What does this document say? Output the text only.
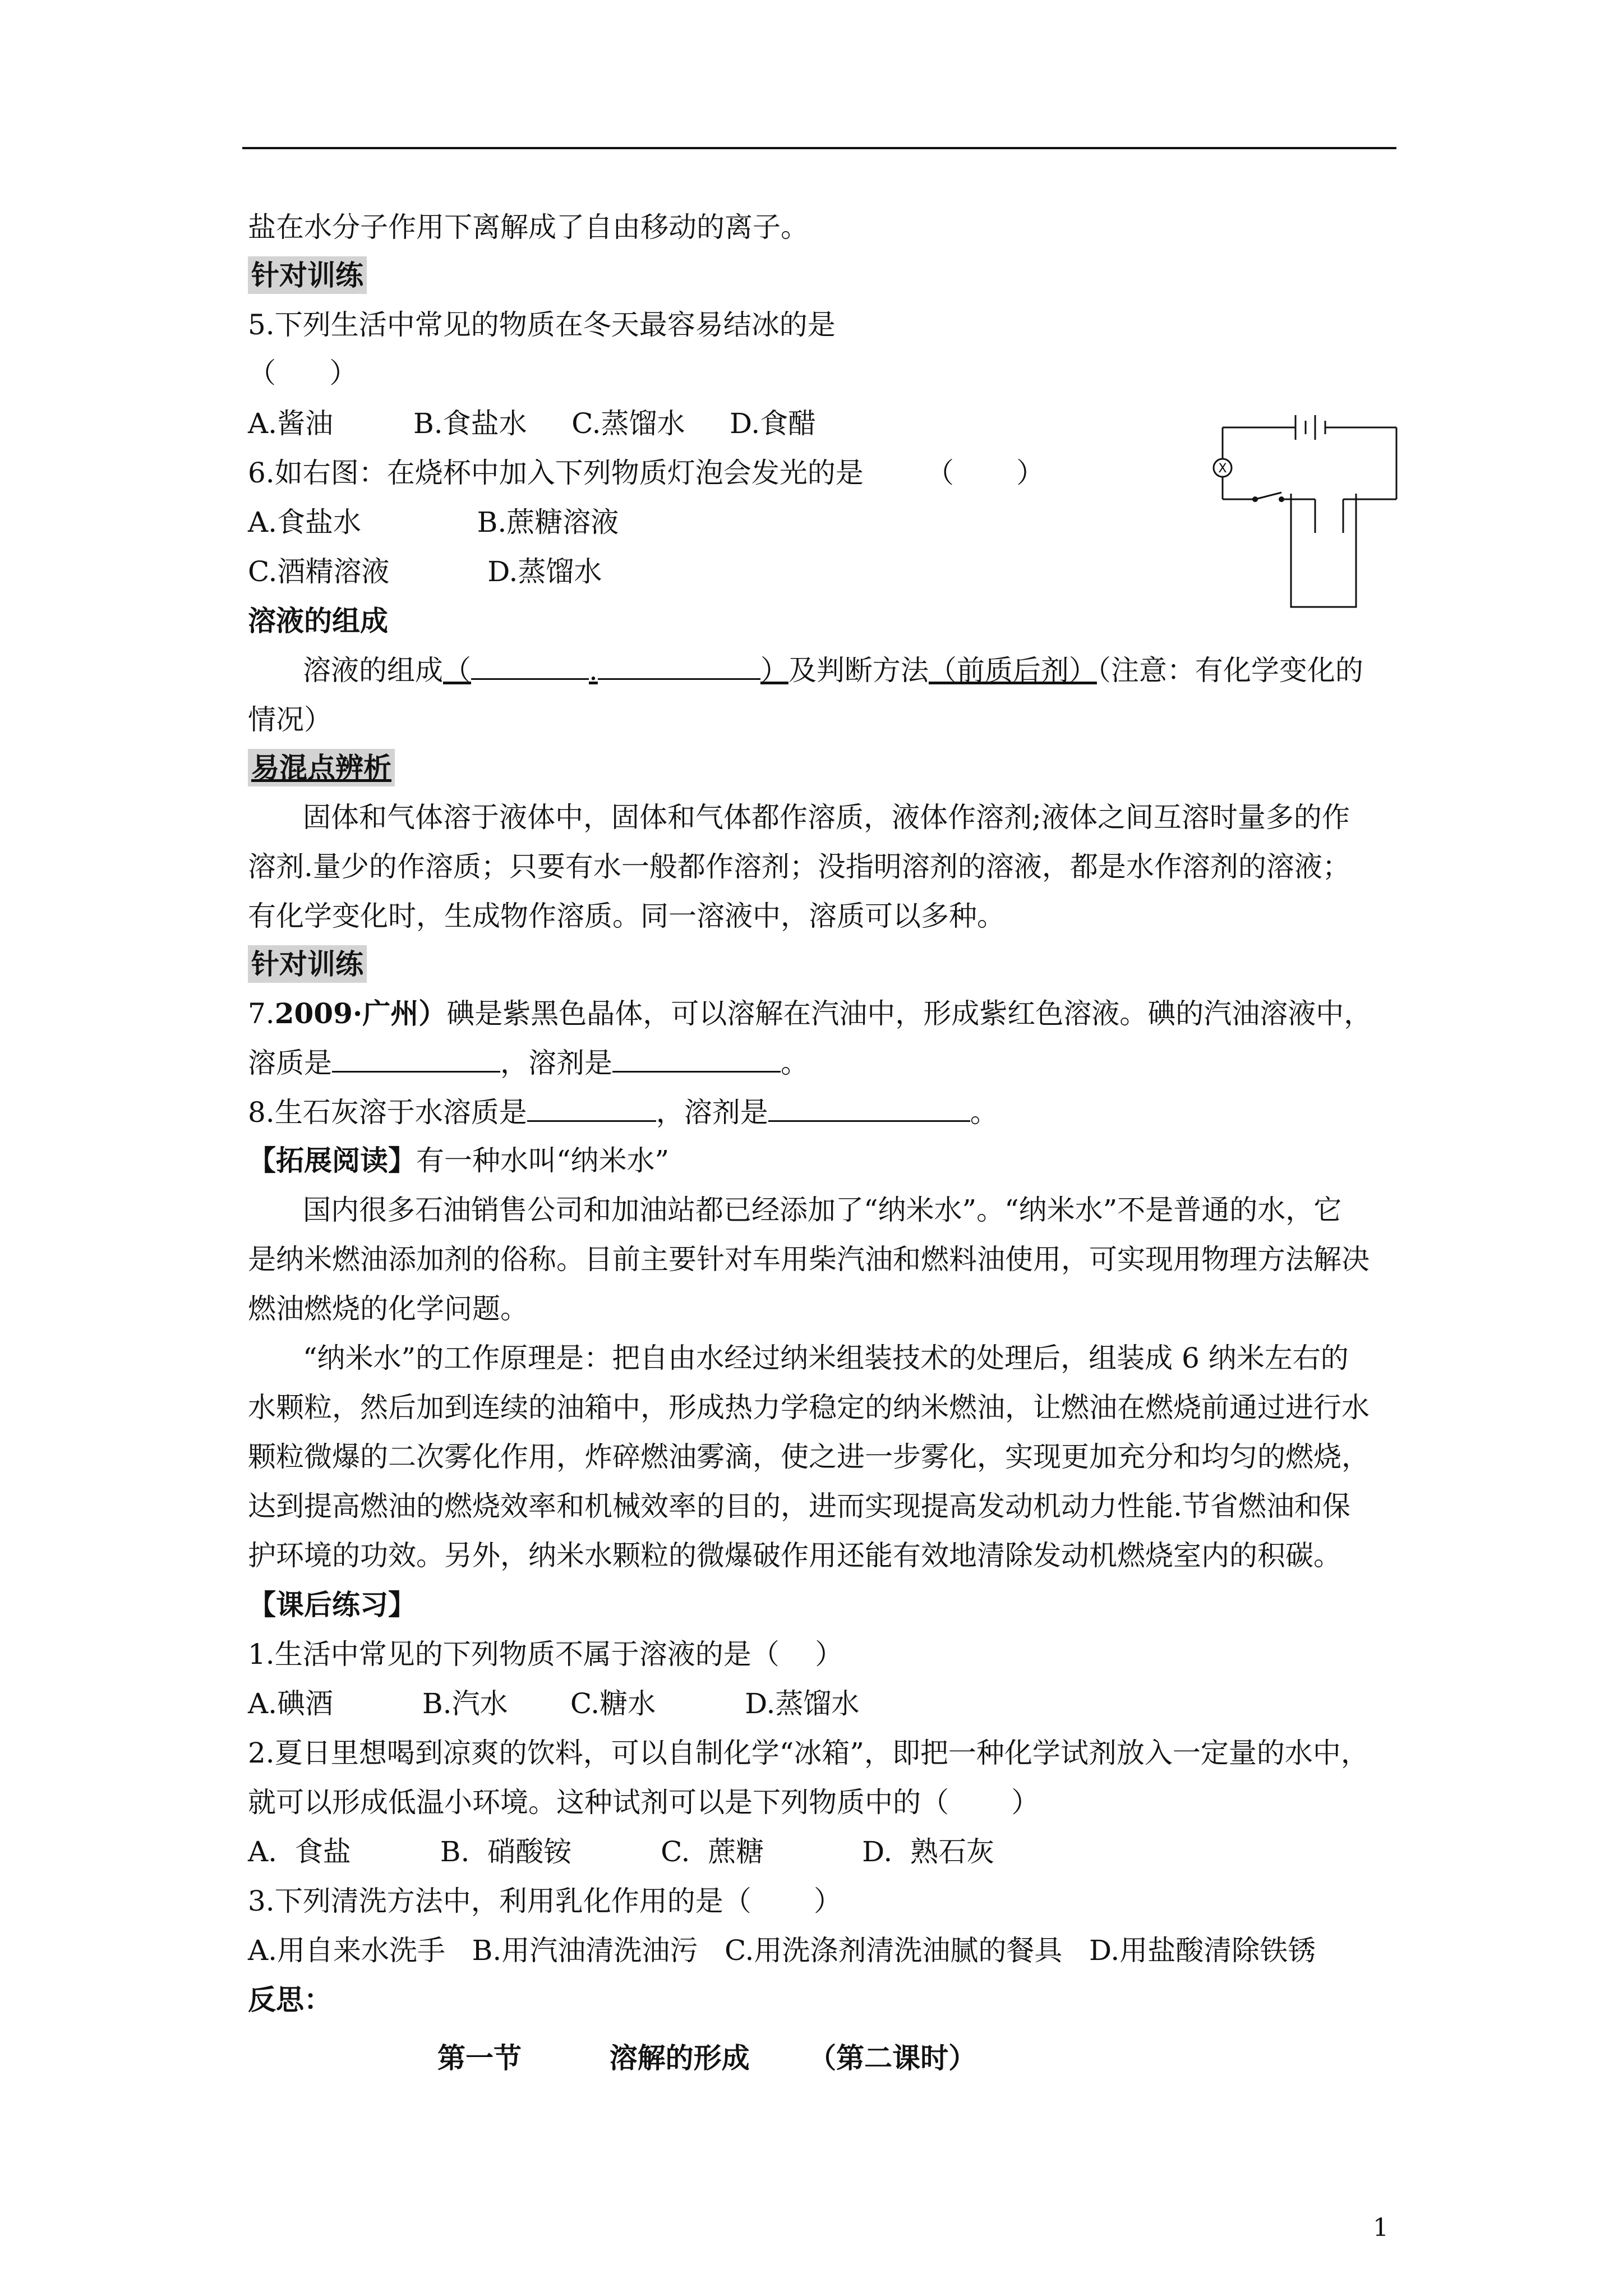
盐在水分子作用下离解成了自由移动的离子。
针对训练
5.下列生活中常见的物质在冬天最容易结冰的是
（      ）
A.酱油         B.食盐水     C.蒸馏水     D.食醋
6.如右图：在烧杯中加入下列物质灯泡会发光的是       （       ）
A.食盐水             B.蔗糖溶液
C.酒精溶液           D.蒸馏水
X
溶液的组成
溶液的组成（	.	）及判断方法（前质后剂）（注意：有化学变化的
情况）
易混点辨析
固体和气体溶于液体中，固体和气体都作溶质，液体作溶剂;液体之间互溶时量多的作
溶剂.量少的作溶质；只要有水一般都作溶剂；没指明溶剂的溶液，都是水作溶剂的溶液；
有化学变化时，生成物作溶质。同一溶液中，溶质可以多种。
针对训练
7.2009·广州）碘是紫黑色晶体，可以溶解在汽油中，形成紫红色溶液。碘的汽油溶液中，
溶质是	，溶剂是	。
8.生石灰溶于水溶质是	，溶剂是	。
【拓展阅读】有一种水叫“纳米水”
国内很多石油销售公司和加油站都已经添加了“纳米水”。“纳米水”不是普通的水，它
是纳米燃油添加剂的俗称。目前主要针对车用柴汽油和燃料油使用，可实现用物理方法解决
燃油燃烧的化学问题。
“纳米水”的工作原理是：把自由水经过纳米组装技术的处理后，组装成 6 纳米左右的
水颗粒，然后加到连续的油箱中，形成热力学稳定的纳米燃油，让燃油在燃烧前通过进行水
颗粒微爆的二次雾化作用，炸碎燃油雾滴，使之进一步雾化，实现更加充分和均匀的燃烧，
达到提高燃油的燃烧效率和机械效率的目的，进而实现提高发动机动力性能.节省燃油和保
护环境的功效。另外，纳米水颗粒的微爆破作用还能有效地清除发动机燃烧室内的积碳。
【课后练习】
1.生活中常见的下列物质不属于溶液的是（    ）
A.碘酒          B.汽水       C.糖水          D.蒸馏水
2.夏日里想喝到凉爽的饮料，可以自制化学“冰箱”，即把一种化学试剂放入一定量的水中，
就可以形成低温小环境。这种试剂可以是下列物质中的（       ）
A.  食盐          B.  硝酸铵          C.  蔗糖           D.  熟石灰
3.下列清洗方法中，利用乳化作用的是（       ）
A.用自来水洗手   B.用汽油清洗油污   C.用洗涤剂清洗油腻的餐具   D.用盐酸清除铁锈
反思：
第一节         溶解的形成      （第二课时）
1
